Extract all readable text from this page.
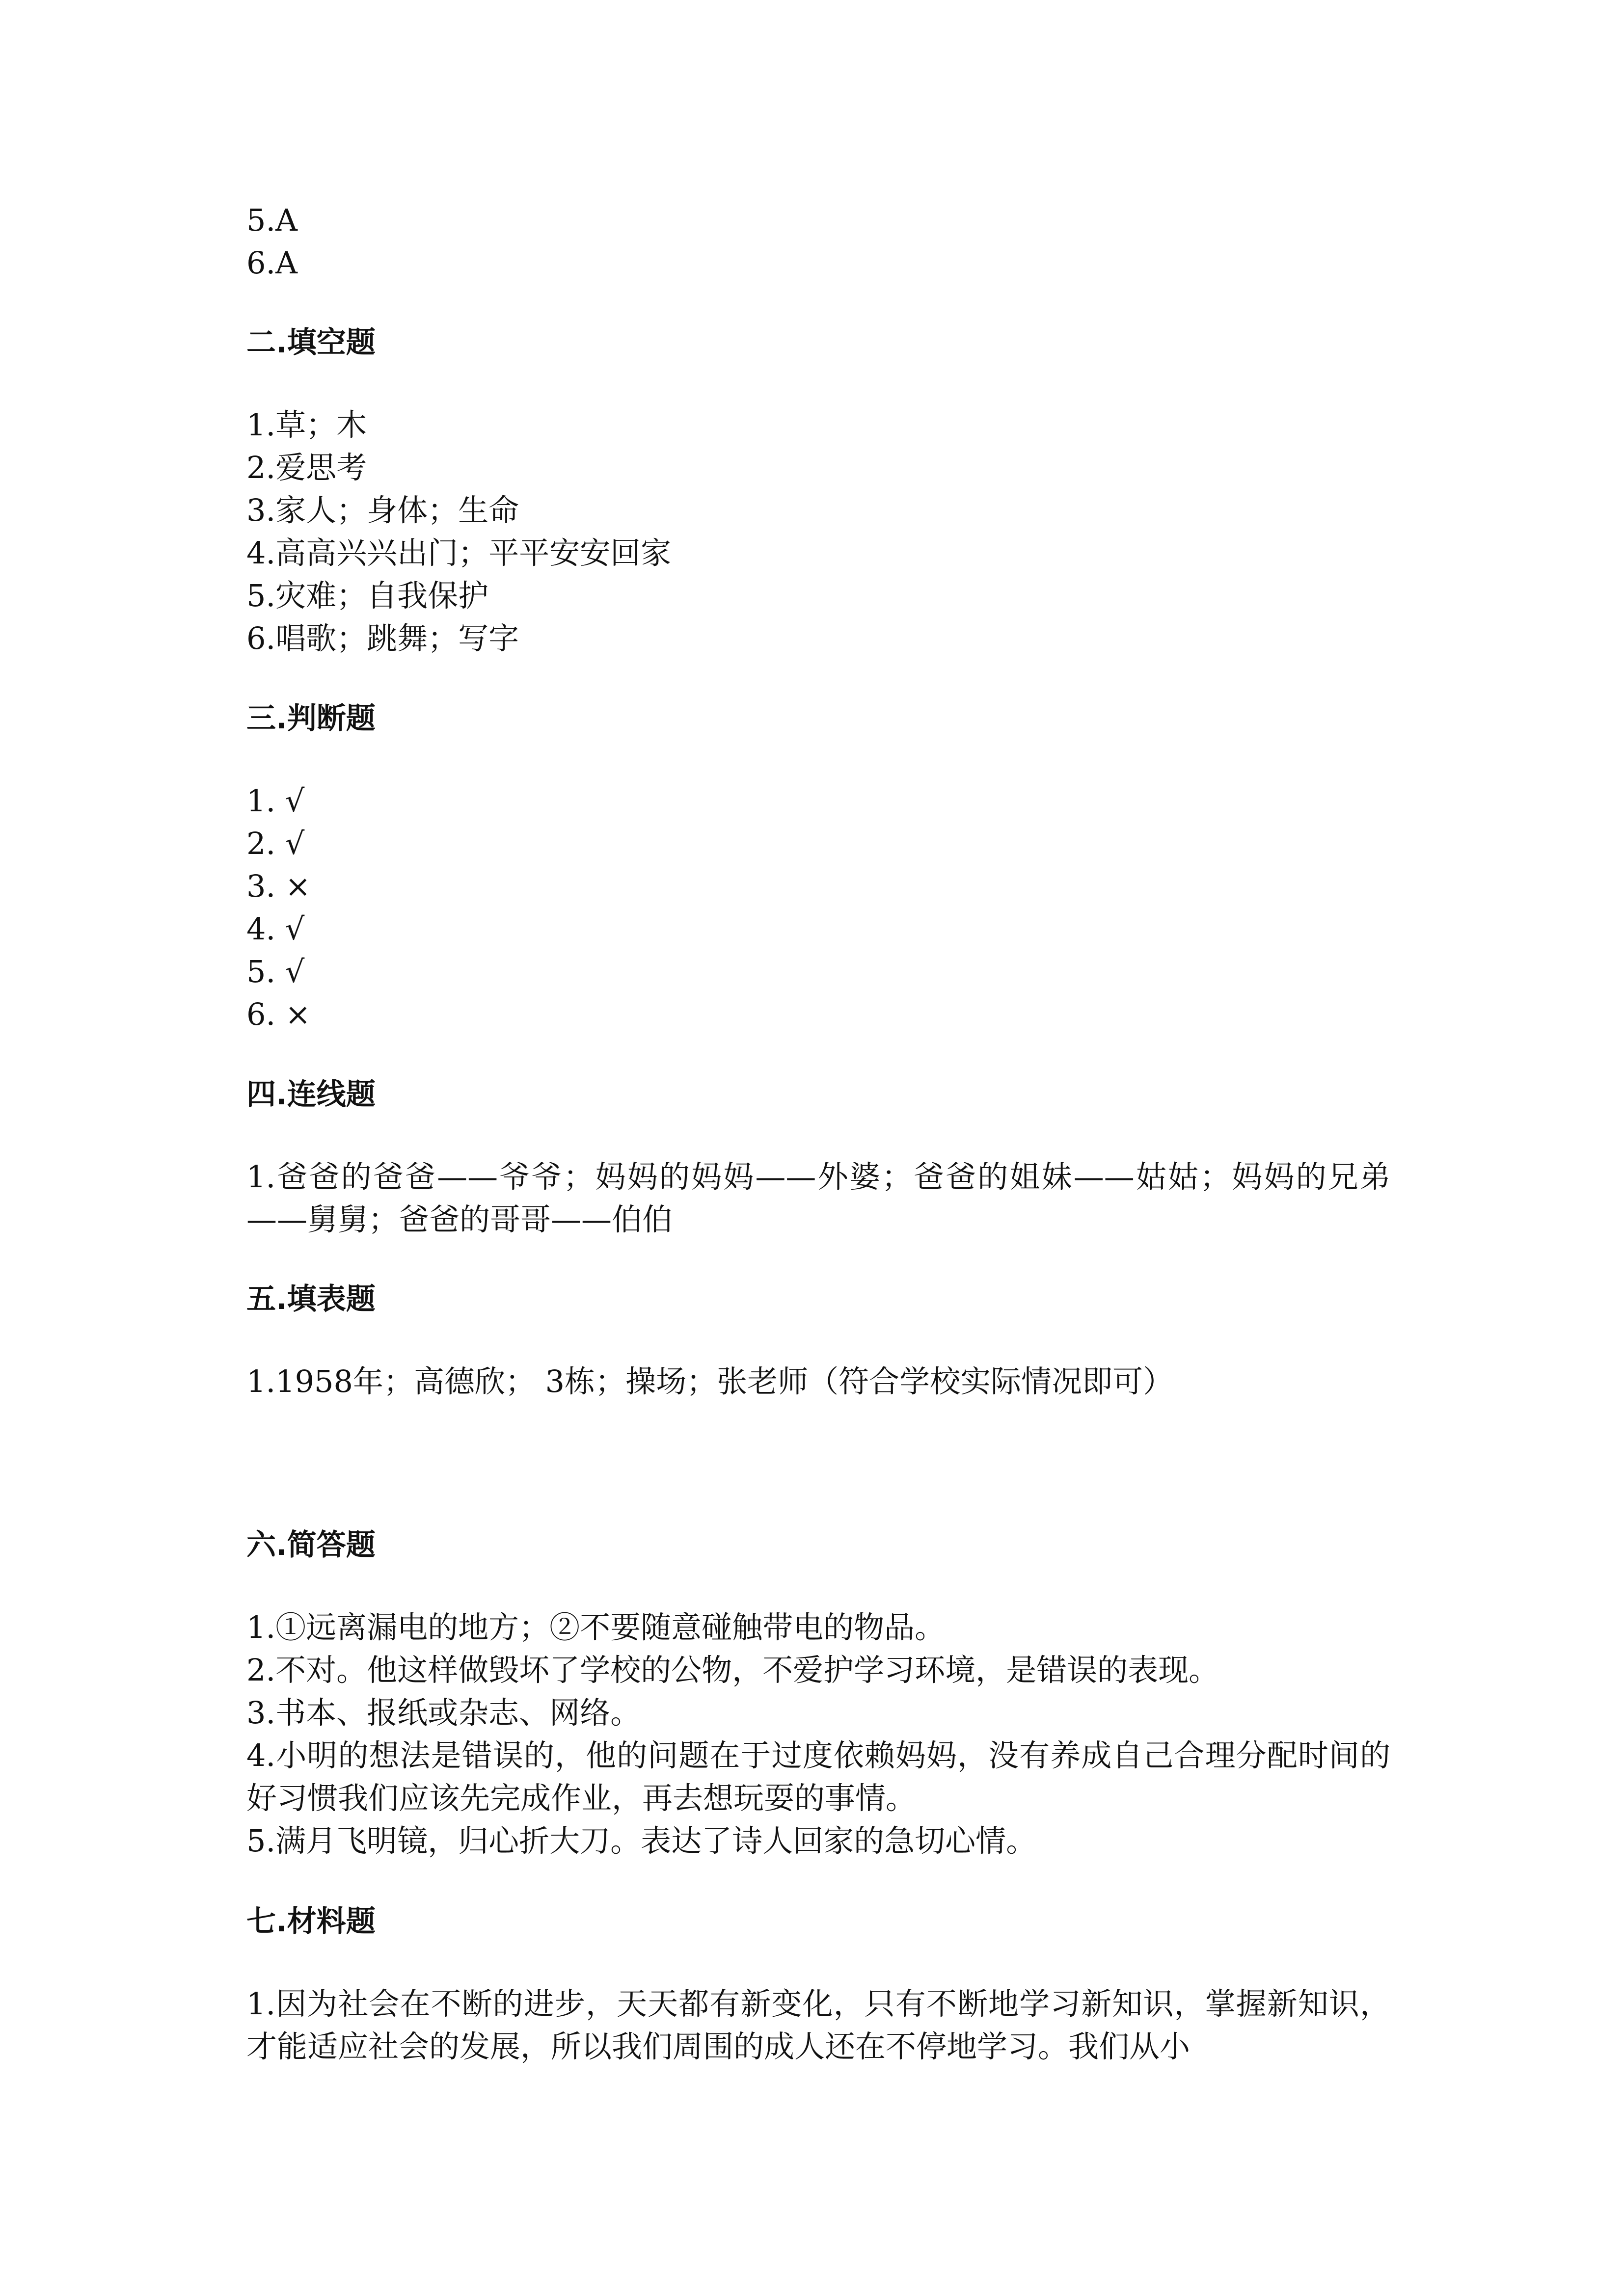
5.A
6.A
二.填空题
1.草；木
2.爱思考
3.家人；身体；生命
4.高高兴兴出门；平平安安回家
5.灾难；自我保护
6.唱歌；跳舞；写字
三.判断题
1. √
2. √
3. ×
4. √
5. √
6. ×
四.连线题
1.爸爸的爸爸——爷爷；妈妈的妈妈——外婆；爸爸的姐妹——姑姑；妈妈的兄弟——舅舅；爸爸的哥哥——伯伯
五.填表题
1.1958年；高德欣； 3栋；操场；张老师（符合学校实际情况即可）
六.简答题
1.①远离漏电的地方；②不要随意碰触带电的物品。
2.不对。他这样做毁坏了学校的公物，不爱护学习环境，是错误的表现。
3.书本、报纸或杂志、网络。
4.小明的想法是错误的，他的问题在于过度依赖妈妈，没有养成自己合理分配时间的好习惯我们应该先完成作业，再去想玩耍的事情。
5.满月飞明镜，归心折大刀。表达了诗人回家的急切心情。
七.材料题
1.因为社会在不断的进步，天天都有新变化，只有不断地学习新知识，掌握新知识，才能适应社会的发展，所以我们周围的成人还在不停地学习。我们从小
